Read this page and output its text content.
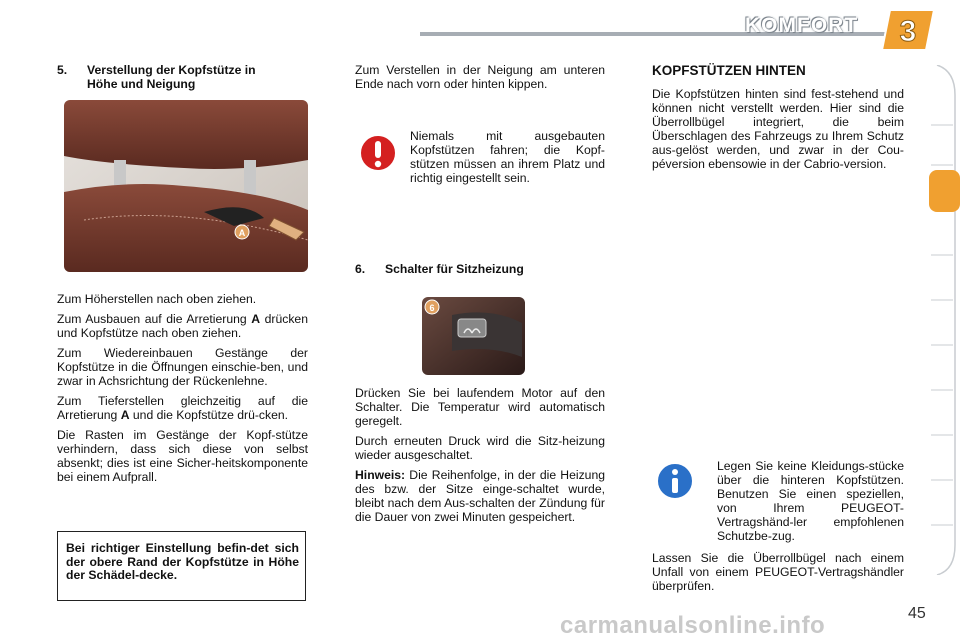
KOMFORT 3
5. Verstellung der Kopfstütze in
Höhe und Neigung
A

Zum Höherstellen nach oben ziehen.

Zum Ausbauen auf die Arretierung A drücken und Kopfstütze nach oben ziehen.

Zum Wiedereinbauen Gestänge der Kopfstütze in die Öffnungen einschie-ben, und zwar in Achsrichtung der Rückenlehne.

Zum Tieferstellen gleichzeitig auf die Arretierung A und die Kopfstütze drü-cken.

Die Rasten im Gestänge der Kopf-stütze verhindern, dass sich diese von selbst absenkt; dies ist eine Sicher-heitskomponente bei einem Aufprall.

Bei richtiger Einstellung befin-det sich der obere Rand der Kopfstütze in Höhe der Schädel-decke.

Zum Verstellen in der Neigung am unteren Ende nach vorn oder hinten kippen.

Niemals mit ausgebauten Kopfstützen fahren; die Kopf-stützen müssen an ihrem Platz und richtig eingestellt sein.

6. Schalter für Sitzheizung
6

Drücken Sie bei laufendem Motor auf den Schalter. Die Temperatur wird automatisch geregelt.

Durch erneuten Druck wird die Sitz-heizung wieder ausgeschaltet.

Hinweis: Die Reihenfolge, in der die Heizung des bzw. der Sitze einge-schaltet wurde, bleibt nach dem Aus-schalten der Zündung für die Dauer von zwei Minuten gespeichert.

KOPFSTÜTZEN HINTEN

Die Kopfstützen hinten sind fest-stehend und können nicht verstellt werden. Hier sind die Überrollbügel integriert, die beim Überschlagen des Fahrzeugs zu Ihrem Schutz aus-gelöst werden, und zwar in der Cou-péversion ebensowie in der Cabrio-version.

Legen Sie keine Kleidungs-stücke über die hinteren Kopfstützen. Benutzen Sie einen speziellen, von Ihrem PEUGEOT-Vertragshänd-ler empfohlenen Schutzbe-zug.

Lassen Sie die Überrollbügel nach einem Unfall von einem PEUGEOT-Vertragshändler überprüfen.

carmanualsonline.info	45
